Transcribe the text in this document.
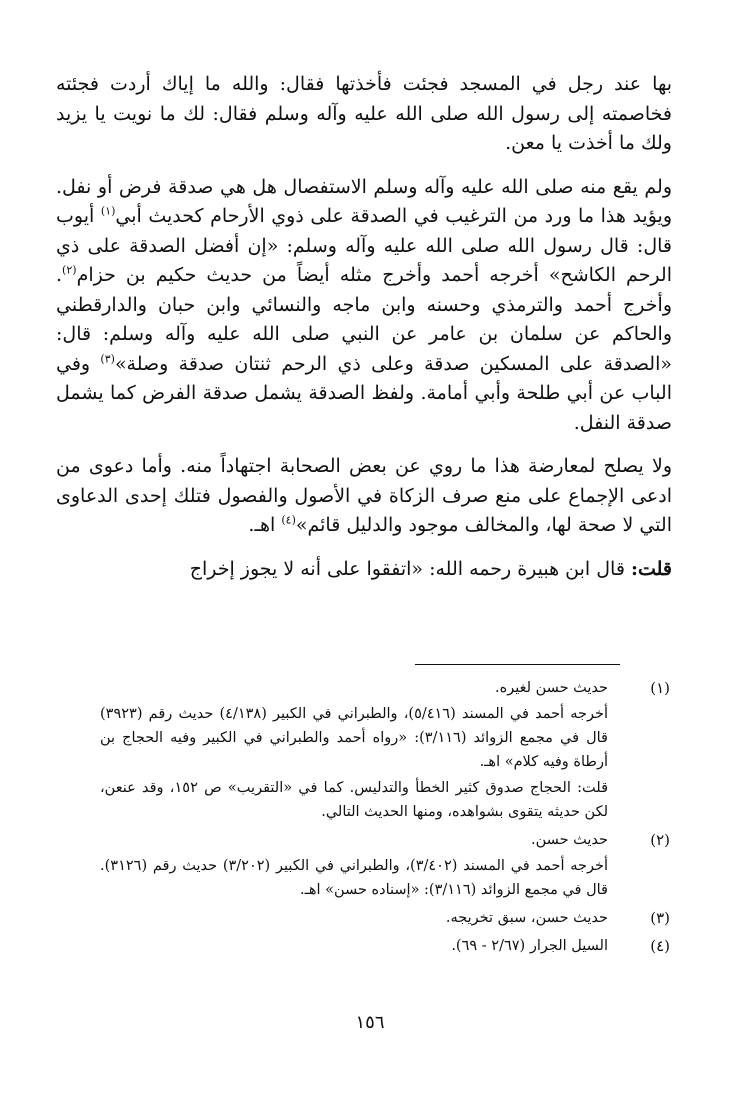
بها عند رجل في المسجد فجئت فأخذتها فقال: والله ما إياك أردت فجئته فخاصمته إلى رسول الله صلى الله عليه وآله وسلم فقال: لك ما نويت يا يزيد ولك ما أخذت يا معن.

ولم يقع منه صلى الله عليه وآله وسلم الاستفصال هل هي صدقة فرض أو نفل. ويؤيد هذا ما ورد من الترغيب في الصدقة على ذوي الأرحام كحديث أبي$^{(١)}$ أيوب قال: قال رسول الله صلى الله عليه وآله وسلم: «إن أفضل الصدقة على ذي الرحم الكاشح» أخرجه أحمد وأخرج مثله أيضاً من حديث حكيم بن حزام$^{(٢)}$. وأخرج أحمد والترمذي وحسنه وابن ماجه والنسائي وابن حبان والدارقطني والحاكم عن سلمان بن عامر عن النبي صلى الله عليه وآله وسلم: قال: «الصدقة على المسكين صدقة وعلى ذي الرحم ثنتان صدقة وصلة»$^{(٣)}$ وفي الباب عن أبي طلحة وأبي أمامة. ولفظ الصدقة يشمل صدقة الفرض كما يشمل صدقة النفل.

ولا يصلح لمعارضة هذا ما روي عن بعض الصحابة اجتهاداً منه. وأما دعوى من ادعى الإجماع على منع صرف الزكاة في الأصول والفصول فتلك إحدى الدعاوى التي لا صحة لها، والمخالف موجود والدليل قائم»$^{(٤)}$ اهـ.

قلت: قال ابن هبيرة رحمه الله: «اتفقوا على أنه لا يجوز إخراج

(١)

حديث حسن لغيره.

أخرجه أحمد في المسند (٥/٤١٦)، والطبراني في الكبير (٤/١٣٨) حديث رقم (٣٩٢٣) قال في مجمع الزوائد (٣/١١٦): «رواه أحمد والطبراني في الكبير وفيه الحجاج بن أرطاة وفيه كلام» اهـ.

قلت: الحجاج صدوق كثير الخطأ والتدليس. كما في «التقريب» ص ١٥٢، وقد عنعن، لكن حديثه يتقوى بشواهده، ومنها الحديث التالي.

(٢)

حديث حسن.

أخرجه أحمد في المسند (٣/٤٠٢)، والطبراني في الكبير (٣/٢٠٢) حديث رقم (٣١٢٦). قال في مجمع الزوائد (٣/١١٦): «إسناده حسن» اهـ.

(٣)

حديث حسن، سبق تخريجه.

(٤)

السيل الجرار (٢/٦٧ - ٦٩).

١٥٦
